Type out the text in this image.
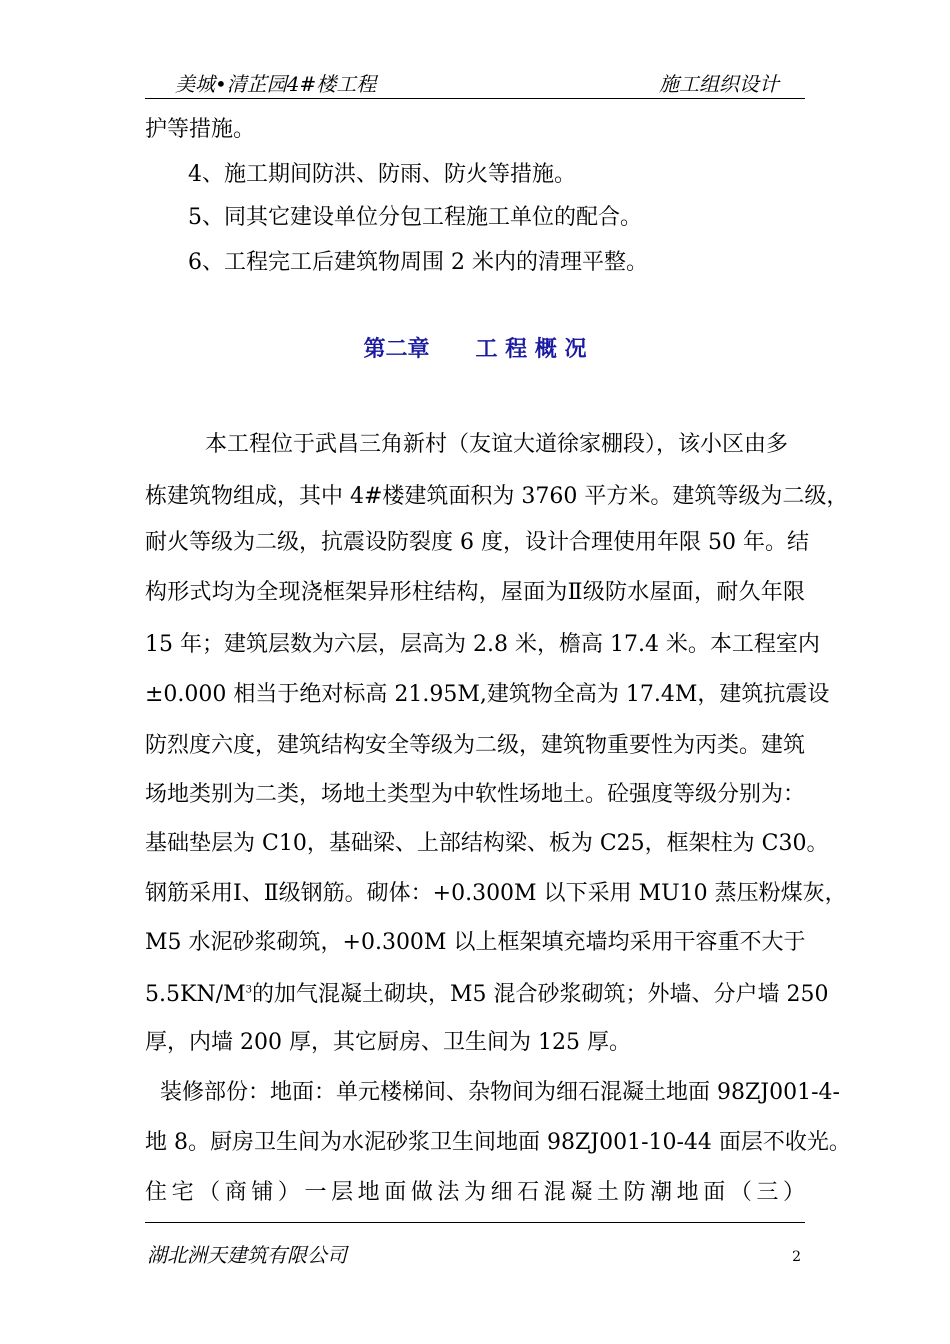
美城•清芷园4#楼工程	施工组织设计
护等措施。
4、施工期间防洪、防雨、防火等措施。
5、同其它建设单位分包工程施工单位的配合。
6、工程完工后建筑物周围 2 米内的清理平整。
第二章 工 程 概 况
本工程位于武昌三角新村（友谊大道徐家棚段），该小区由多
栋建筑物组成，其中 4#楼建筑面积为 3760 平方米。建筑等级为二级，
耐火等级为二级，抗震设防裂度 6 度，设计合理使用年限 50 年。结
构形式均为全现浇框架异形柱结构，屋面为Ⅱ级防水屋面，耐久年限
15 年；建筑层数为六层，层高为 2.8 米，檐高 17.4 米。本工程室内
±0.000 相当于绝对标高 21.95M,建筑物全高为 17.4M，建筑抗震设
防烈度六度，建筑结构安全等级为二级，建筑物重要性为丙类。建筑
场地类别为二类，场地土类型为中软性场地土。砼强度等级分别为：
基础垫层为 C10，基础梁、上部结构梁、板为 C25，框架柱为 C30。
钢筋采用Ⅰ、Ⅱ级钢筋。砌体：+0.300M 以下采用 MU10 蒸压粉煤灰，
M5 水泥砂浆砌筑，+0.300M 以上框架填充墙均采用干容重不大于
$5.5KN/M^3$的加气混凝土砌块，M5 混合砂浆砌筑；外墙、分户墙 250
厚，内墙 200 厚，其它厨房、卫生间为 125 厚。
装修部份：地面：单元楼梯间、杂物间为细石混凝土地面 98ZJ001-4-
地 8。厨房卫生间为水泥砂浆卫生间地面 98ZJ001-10-44 面层不收光。
住宅（商铺）一层地面做法为细石混凝土防潮地面（三）
湖北洲天建筑有限公司	2
